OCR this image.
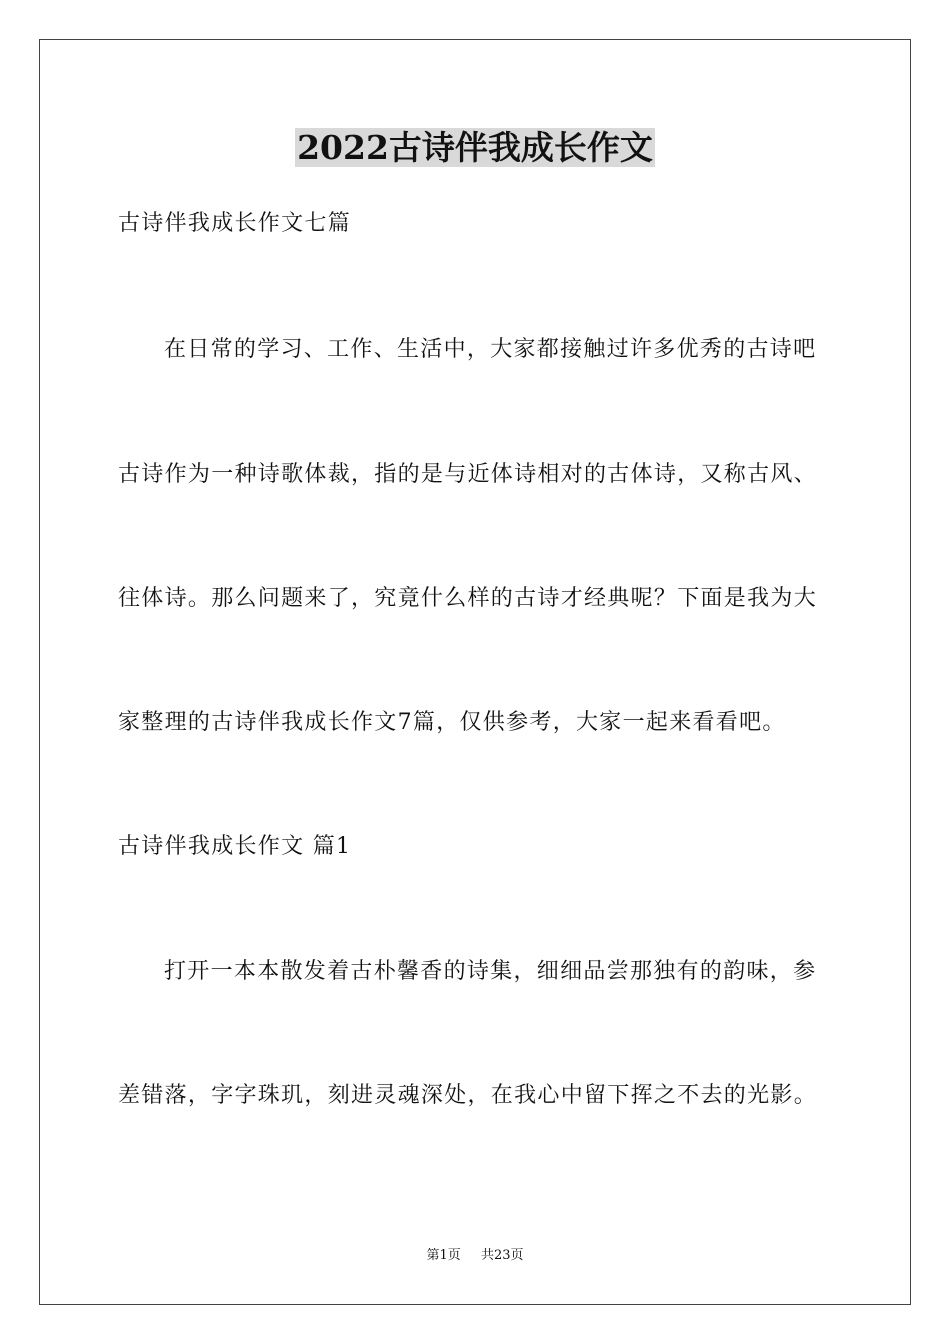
2022古诗伴我成长作文
古诗伴我成长作文七篇
在日常的学习、工作、生活中，大家都接触过许多优秀的古诗吧
古诗作为一种诗歌体裁，指的是与近体诗相对的古体诗，又称古风、
往体诗。那么问题来了，究竟什么样的古诗才经典呢？下面是我为大
家整理的古诗伴我成长作文7篇，仅供参考，大家一起来看看吧。
古诗伴我成长作文 篇1
打开一本本散发着古朴馨香的诗集，细细品尝那独有的韵味，参
差错落，字字珠玑，刻进灵魂深处，在我心中留下挥之不去的光影。
第1页 共23页
